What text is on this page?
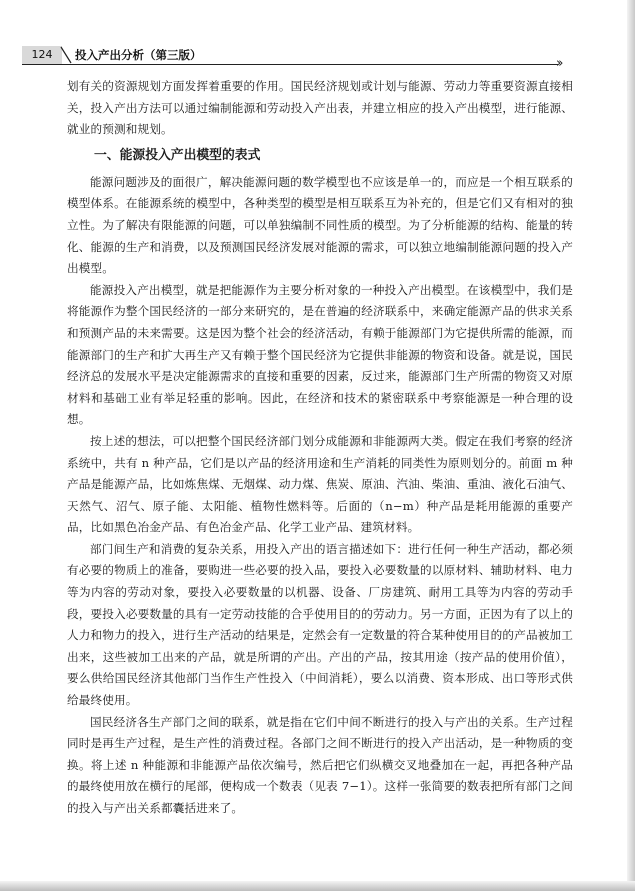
124	投入产出分析（第三版）
››

划有关的资源规划方面发挥着重要的作用。国民经济规划或计划与能源、劳动力等重要资源直接相关，投入产出方法可以通过编制能源和劳动投入产出表，并建立相应的投入产出模型，进行能源、就业的预测和规划。

一、能源投入产出模型的表式

能源问题涉及的面很广，解决能源问题的数学模型也不应该是单一的，而应是一个相互联系的模型体系。在能源系统的模型中，各种类型的模型是相互联系互为补充的，但是它们又有相对的独立性。为了解决有限能源的问题，可以单独编制不同性质的模型。为了分析能源的结构、能量的转化、能源的生产和消费，以及预测国民经济发展对能源的需求，可以独立地编制能源问题的投入产出模型。

能源投入产出模型，就是把能源作为主要分析对象的一种投入产出模型。在该模型中，我们是将能源作为整个国民经济的一部分来研究的，是在普遍的经济联系中，来确定能源产品的供求关系和预测产品的未来需要。这是因为整个社会的经济活动，有赖于能源部门为它提供所需的能源，而能源部门的生产和扩大再生产又有赖于整个国民经济为它提供非能源的物资和设备。就是说，国民经济总的发展水平是决定能源需求的直接和重要的因素，反过来，能源部门生产所需的物资又对原材料和基础工业有举足轻重的影响。因此，在经济和技术的紧密联系中考察能源是一种合理的设想。

按上述的想法，可以把整个国民经济部门划分成能源和非能源两大类。假定在我们考察的经济系统中，共有 n 种产品，它们是以产品的经济用途和生产消耗的同类性为原则划分的。前面 m 种产品是能源产品，比如炼焦煤、无烟煤、动力煤、焦炭、原油、汽油、柴油、重油、液化石油气、天然气、沼气、原子能、太阳能、植物性燃料等。后面的（n−m）种产品是耗用能源的重要产品，比如黑色冶金产品、有色冶金产品、化学工业产品、建筑材料。

部门间生产和消费的复杂关系，用投入产出的语言描述如下：进行任何一种生产活动，都必须有必要的物质上的准备，要购进一些必要的投入品，要投入必要数量的以原材料、辅助材料、电力等为内容的劳动对象，要投入必要数量的以机器、设备、厂房建筑、耐用工具等为内容的劳动手段，要投入必要数量的具有一定劳动技能的合乎使用目的的劳动力。另一方面，正因为有了以上的人力和物力的投入，进行生产活动的结果是，定然会有一定数量的符合某种使用目的的产品被加工出来，这些被加工出来的产品，就是所谓的产出。产出的产品，按其用途（按产品的使用价值），要么供给国民经济其他部门当作生产性投入（中间消耗），要么以消费、资本形成、出口等形式供给最终使用。

国民经济各生产部门之间的联系，就是指在它们中间不断进行的投入与产出的关系。生产过程同时是再生产过程，是生产性的消费过程。各部门之间不断进行的投入产出活动，是一种物质的变换。将上述 n 种能源和非能源产品依次编号，然后把它们纵横交叉地叠加在一起，再把各种产品的最终使用放在横行的尾部，便构成一个数表（见表 7−1）。这样一张简要的数表把所有部门之间的投入与产出关系都囊括进来了。
